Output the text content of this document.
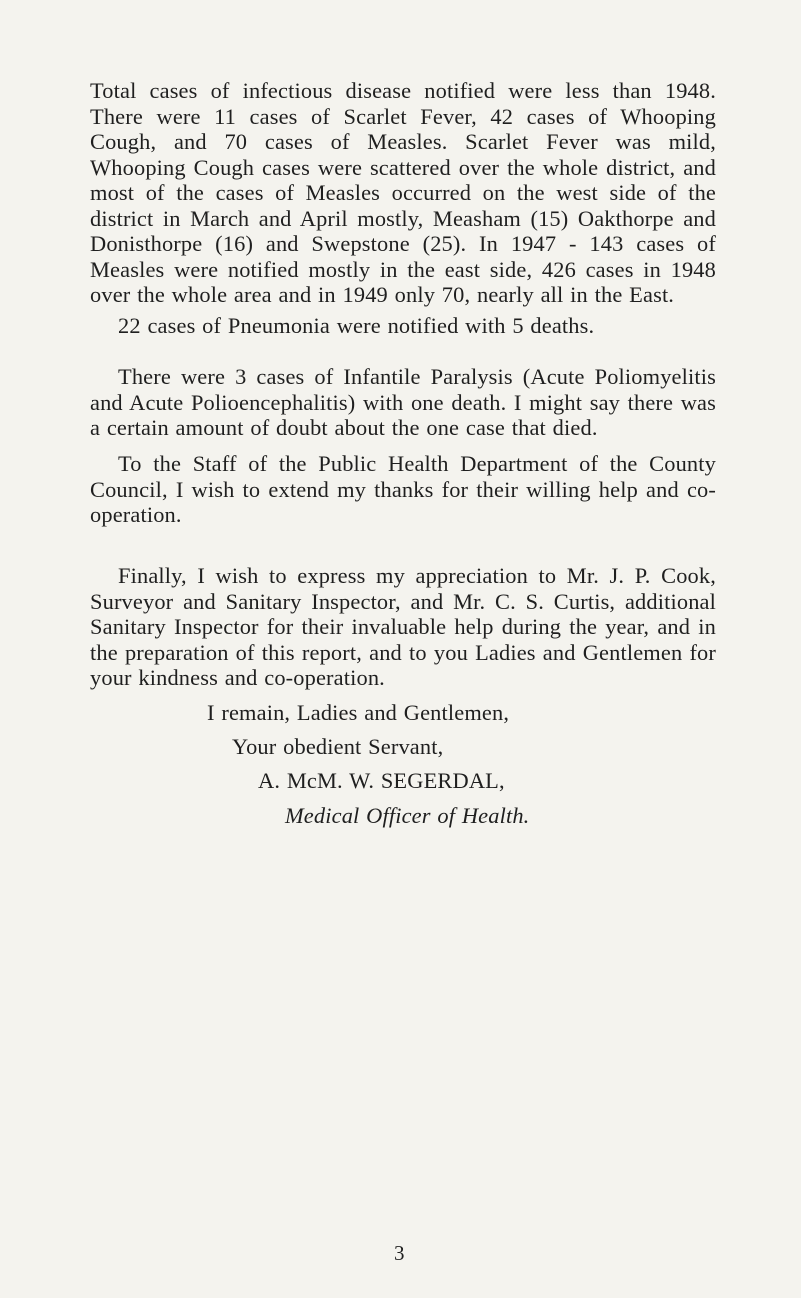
Total cases of infectious disease notified were less than 1948. There were 11 cases of Scarlet Fever, 42 cases of Whooping Cough, and 70 cases of Measles. Scarlet Fever was mild, Whooping Cough cases were scattered over the whole district, and most of the cases of Measles occurred on the west side of the district in March and April mostly, Measham (15) Oakthorpe and Donisthorpe (16) and Swepstone (25). In 1947 - 143 cases of Measles were notified mostly in the east side, 426 cases in 1948 over the whole area and in 1949 only 70, nearly all in the East.

22 cases of Pneumonia were notified with 5 deaths.

There were 3 cases of Infantile Paralysis (Acute Poliomyelitis and Acute Polioencephalitis) with one death. I might say there was a certain amount of doubt about the one case that died.

To the Staff of the Public Health Department of the County Council, I wish to extend my thanks for their willing help and co-operation.

Finally, I wish to express my appreciation to Mr. J. P. Cook, Surveyor and Sanitary Inspector, and Mr. C. S. Curtis, additional Sanitary Inspector for their invaluable help during the year, and in the preparation of this report, and to you Ladies and Gentlemen for your kindness and co-operation.

I remain, Ladies and Gentlemen,

Your obedient Servant,

A. McM. W. SEGERDAL,

Medical Officer of Health.

3
